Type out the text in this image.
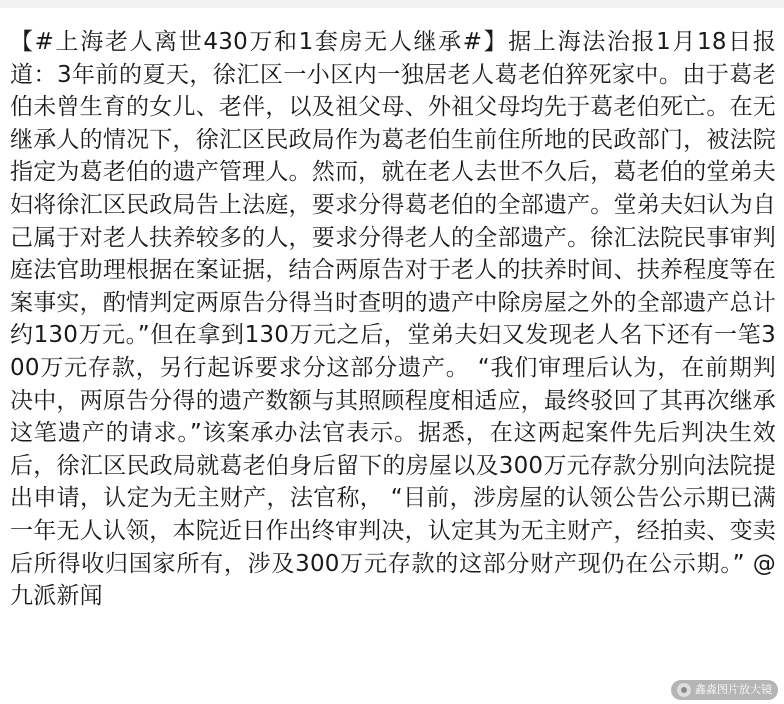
【#上海老人离世430万和1套房无人继承#】据上海法治报1月18日报道：3年前的夏天，徐汇区一小区内一独居老人葛老伯猝死家中。由于葛老伯未曾生育的女儿、老伴，以及祖父母、外祖父母均先于葛老伯死亡。在无继承人的情况下，徐汇区民政局作为葛老伯生前住所地的民政部门，被法院指定为葛老伯的遗产管理人。然而，就在老人去世不久后，葛老伯的堂弟夫妇将徐汇区民政局告上法庭，要求分得葛老伯的全部遗产。堂弟夫妇认为自己属于对老人扶养较多的人，要求分得老人的全部遗产。徐汇法院民事审判庭法官助理根据在案证据，结合两原告对于老人的扶养时间、扶养程度等在案事实，酌情判定两原告分得当时查明的遗产中除房屋之外的全部遗产总计约130万元。”但在拿到130万元之后，堂弟夫妇又发现老人名下还有一笔300万元存款，另行起诉要求分这部分遗产。 “我们审理后认为，在前期判决中，两原告分得的遗产数额与其照顾程度相适应，最终驳回了其再次继承这笔遗产的请求。”该案承办法官表示。据悉，在这两起案件先后判决生效后，徐汇区民政局就葛老伯身后留下的房屋以及300万元存款分别向法院提出申请，认定为无主财产，法官称， “目前，涉房屋的认领公告公示期已满一年无人认领，本院近日作出终审判决，认定其为无主财产，经拍卖、变卖后所得收归国家所有，涉及300万元存款的这部分财产现仍在公示期。” @九派新闻

鑫淼图片放大镜
